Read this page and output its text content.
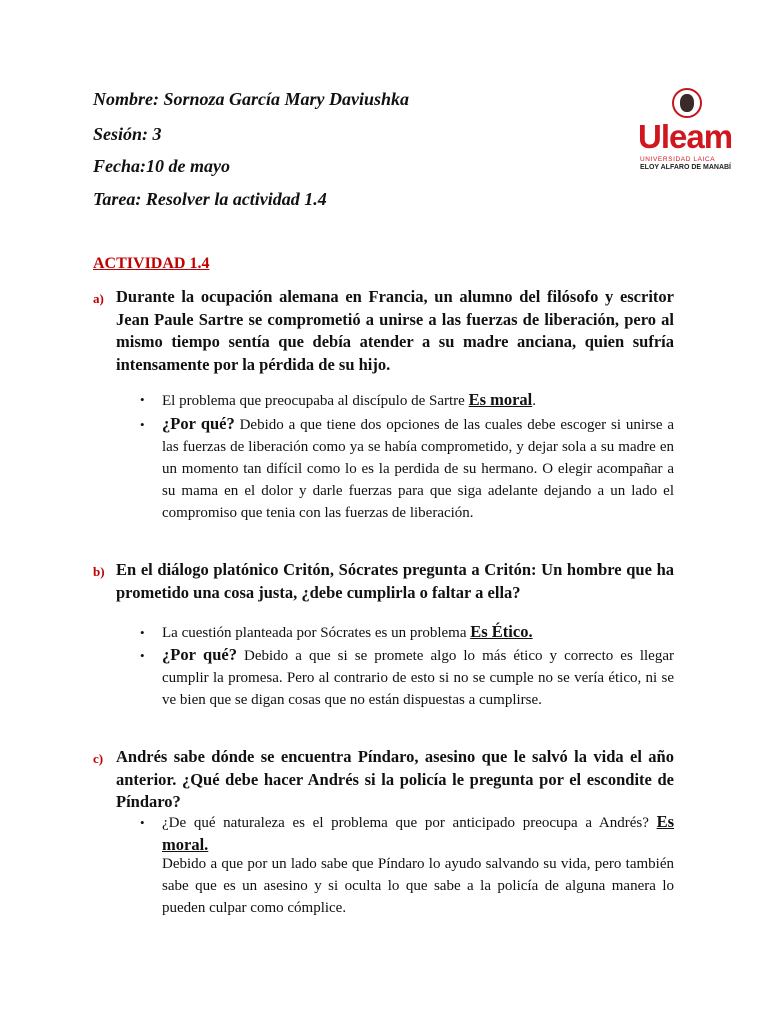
Nombre: Sornoza García Mary Daviushka
Sesión: 3
Fecha:10 de mayo
Tarea: Resolver la actividad 1.4
Uleam
UNIVERSIDAD LAICA
ELOY ALFARO DE MANABÍ
ACTIVIDAD 1.4
a) Durante la ocupación alemana en Francia, un alumno del filósofo y escritor Jean Paule Sartre se comprometió a unirse a las fuerzas de liberación, pero al mismo tiempo sentía que debía atender a su madre anciana, quien sufría intensamente por la pérdida de su hijo.
• El problema que preocupaba al discípulo de Sartre Es moral.
• ¿Por qué? Debido a que tiene dos opciones de las cuales debe escoger si unirse a las fuerzas de liberación como ya se había comprometido, y dejar sola a su madre en un momento tan difícil como lo es la perdida de su hermano. O elegir acompañar a su mama en el dolor y darle fuerzas para que siga adelante dejando a un lado el compromiso que tenia con las fuerzas de liberación.
b) En el diálogo platónico Critón, Sócrates pregunta a Critón: Un hombre que ha prometido una cosa justa, ¿debe cumplirla o faltar a ella?
• La cuestión planteada por Sócrates es un problema Es Ético.
• ¿Por qué? Debido a que si se promete algo lo más ético y correcto es llegar cumplir la promesa. Pero al contrario de esto si no se cumple no se vería ético, ni se ve bien que se digan cosas que no están dispuestas a cumplirse.
c) Andrés sabe dónde se encuentra Píndaro, asesino que le salvó la vida el año anterior. ¿Qué debe hacer Andrés si la policía le pregunta por el escondite de Píndaro?
• ¿De qué naturaleza es el problema que por anticipado preocupa a Andrés? Es moral.
Debido a que por un lado sabe que Píndaro lo ayudo salvando su vida, pero también sabe que es un asesino y si oculta lo que sabe a la policía de alguna manera lo pueden culpar como cómplice.
